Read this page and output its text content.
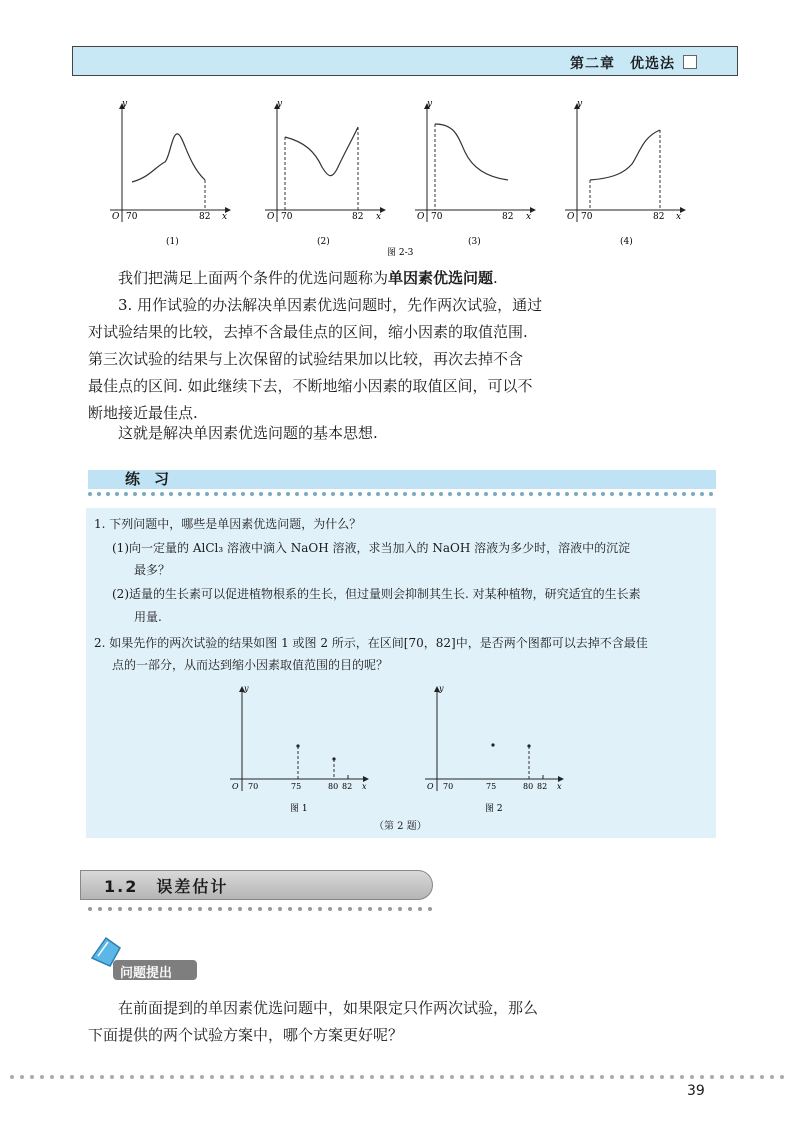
第二章　优选法
y
O 70	82 x
(1)
y
O 70	82 x
(2)
y
O 70	82 x
(3)
y
O 70	82 x
(4)
图 2-3
我们把满足上面两个条件的优选问题称为单因素优选问题.
3. 用作试验的办法解决单因素优选问题时，先作两次试验，通过
对试验结果的比较，去掉不含最佳点的区间，缩小因素的取值范围.
第三次试验的结果与上次保留的试验结果加以比较，再次去掉不含
最佳点的区间. 如此继续下去，不断地缩小因素的取值区间，可以不
断地接近最佳点.
这就是解决单因素优选问题的基本思想.
练习
1. 下列问题中，哪些是单因素优选问题，为什么？
(1)向一定量的 AlCl₃ 溶液中滴入 NaOH 溶液，求当加入的 NaOH 溶液为多少时，溶液中的沉淀
最多？
(2)适量的生长素可以促进植物根系的生长，但过量则会抑制其生长. 对某种植物，研究适宜的生长素
用量.
2. 如果先作的两次试验的结果如图 1 或图 2 所示，在区间[70，82]中，是否两个图都可以去掉不含最佳
点的一部分，从而达到缩小因素取值范围的目的呢？
y
O 70	75	80 82 x
图 1
y
O 70	75	80 82 x
图 2
（第 2 题）
1.2　误差估计
问题提出
在前面提到的单因素优选问题中，如果限定只作两次试验，那么
下面提供的两个试验方案中，哪个方案更好呢？
39
